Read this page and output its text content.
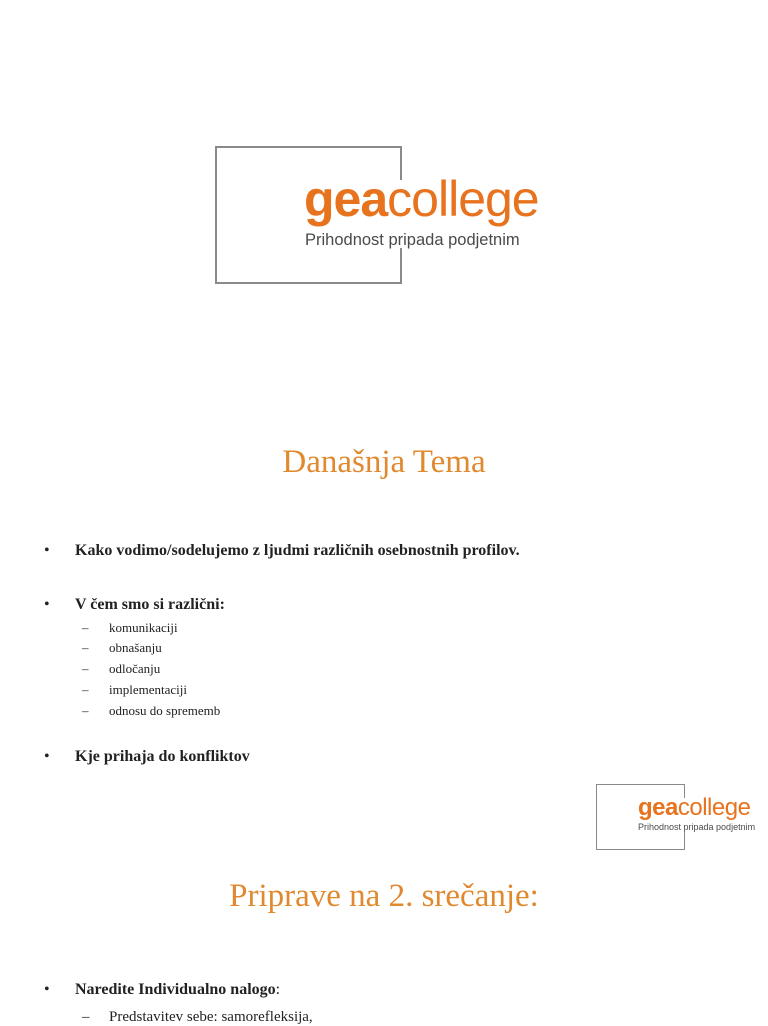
geacollege
Prihodnost pripada podjetnim
Današnja Tema
• Kako vodimo/sodelujemo z ljudmi različnih osebnostnih profilov.
• V čem smo si različni:
– komunikaciji
– obnašanju
– odločanju
– implementaciji
– odnosu do sprememb
• Kje prihaja do konfliktov
geacollege
Prihodnost pripada podjetnim
Priprave na 2. srečanje:
• Naredite Individualno nalogo:
– Predstavitev sebe: samorefleksija,
